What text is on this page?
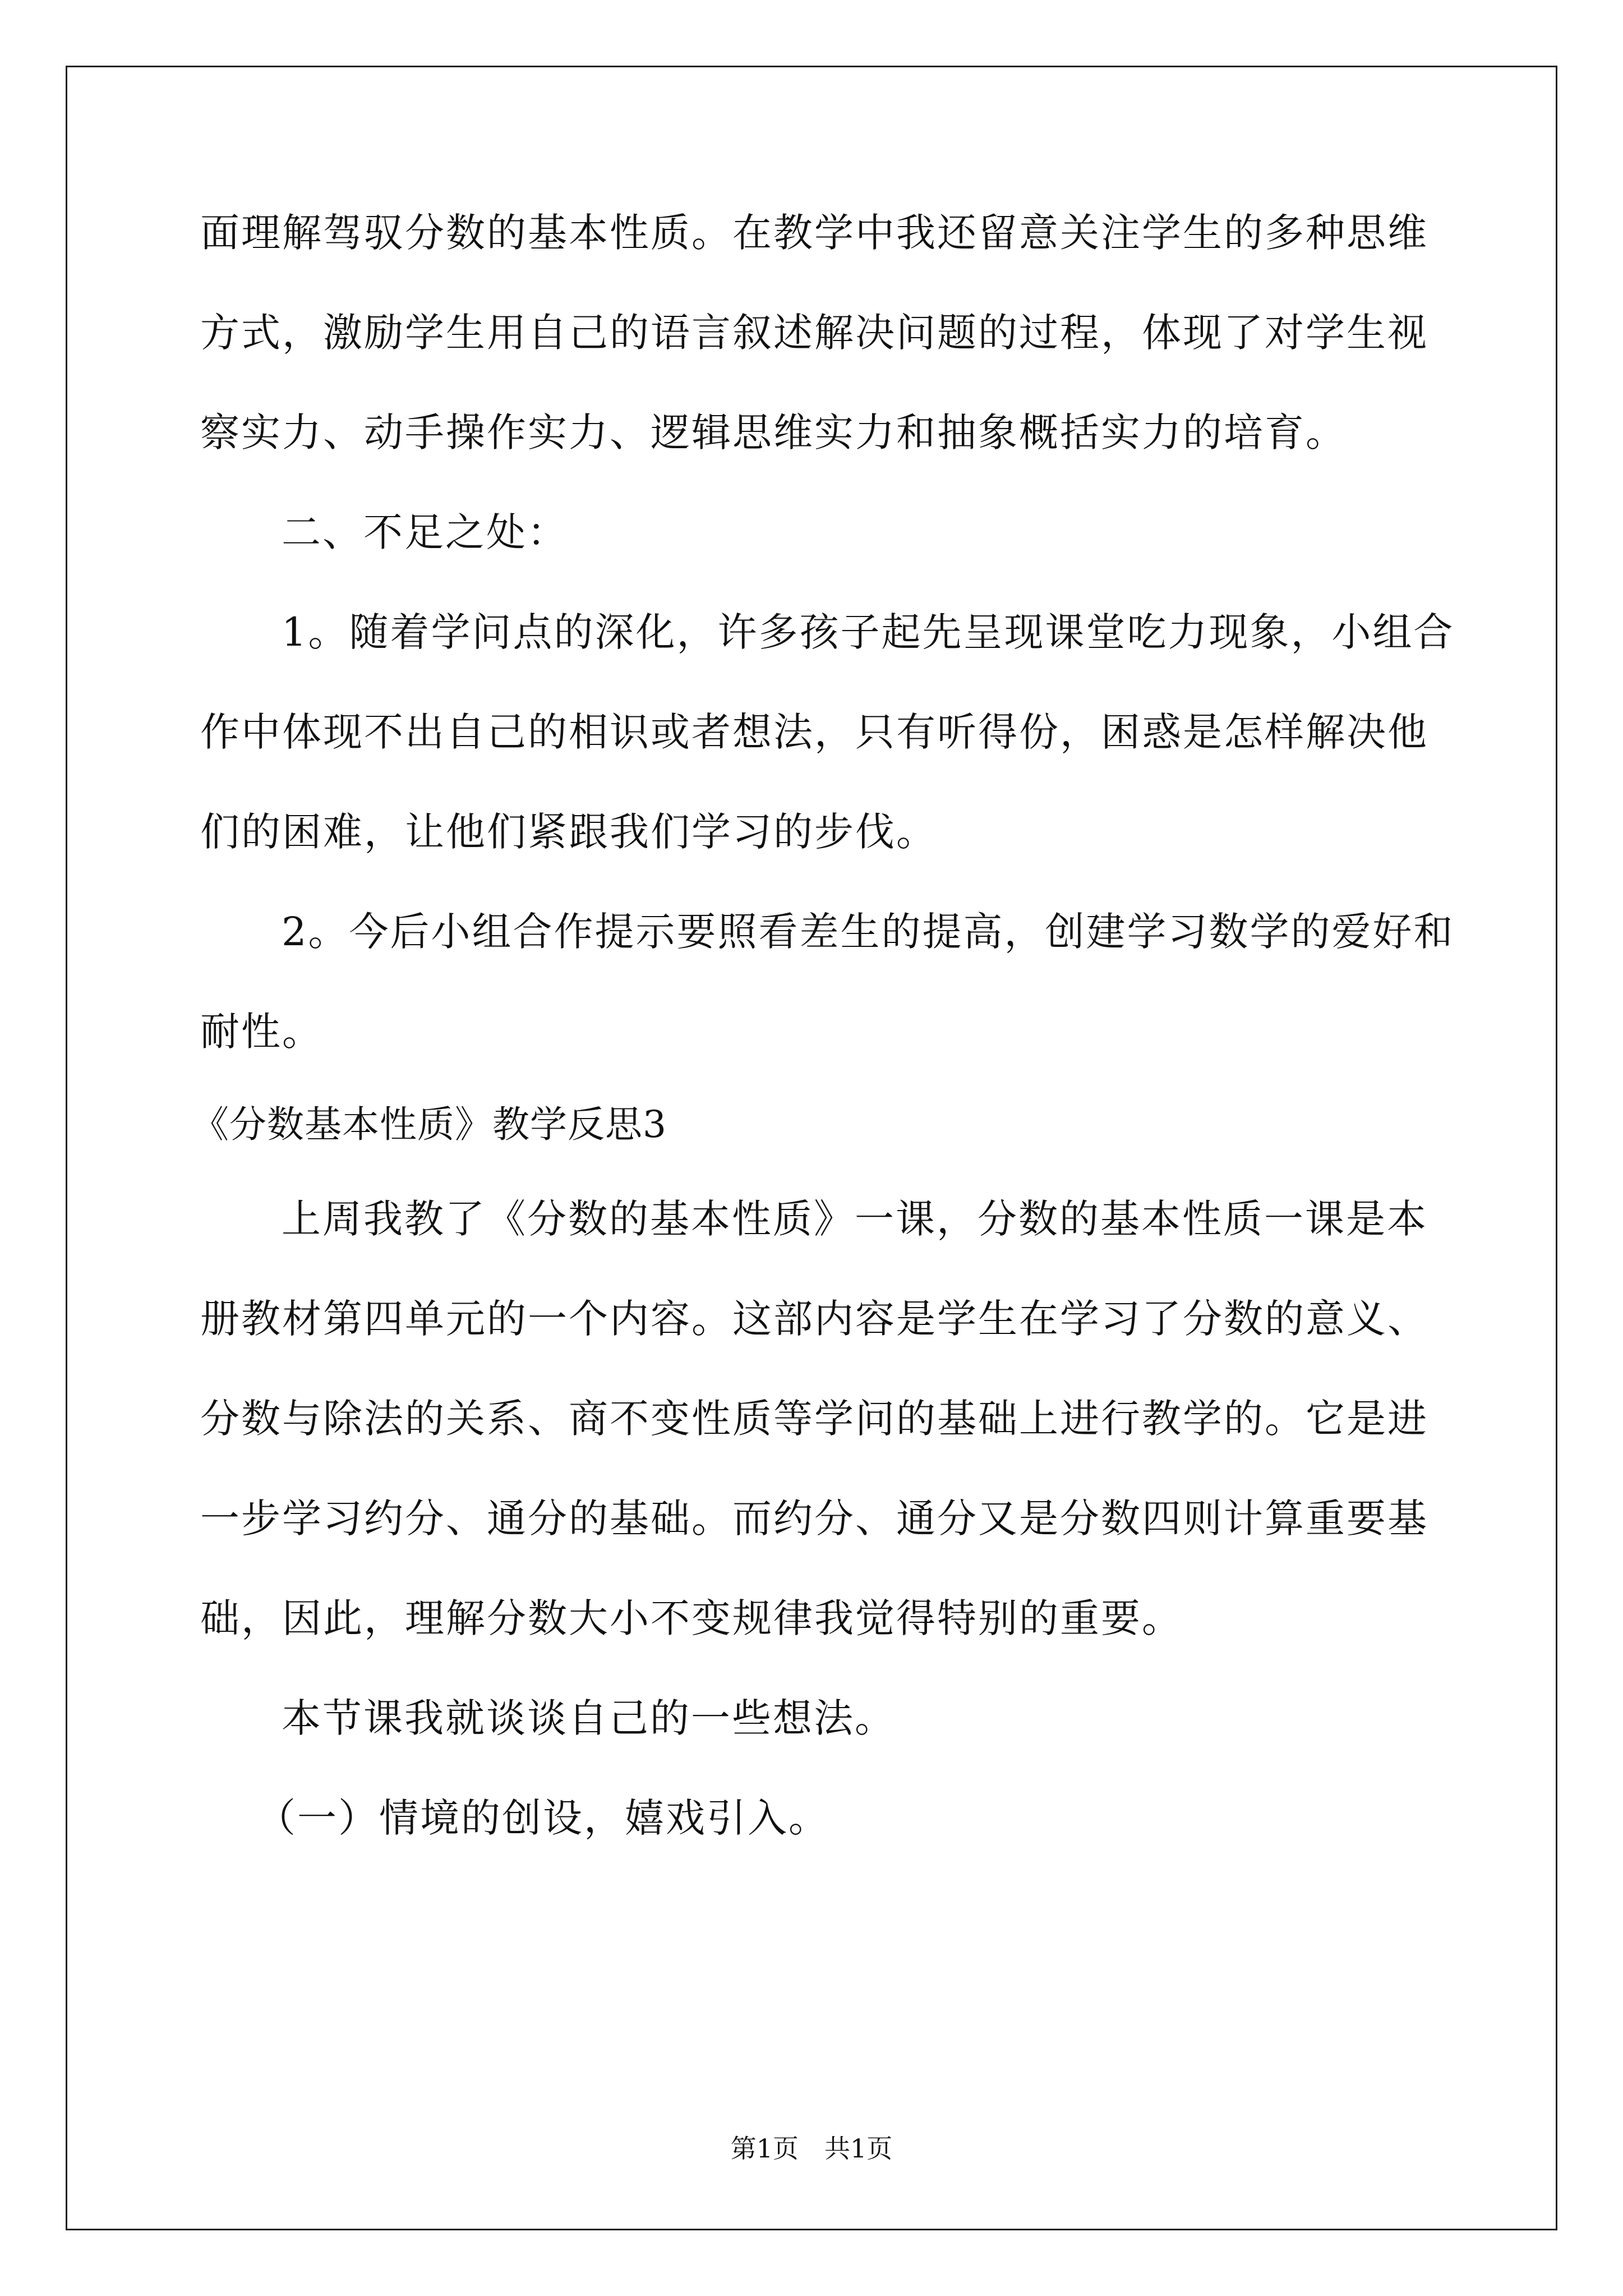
面理解驾驭分数的基本性质。在教学中我还留意关注学生的多种思维

方式，激励学生用自己的语言叙述解决问题的过程，体现了对学生视

察实力、动手操作实力、逻辑思维实力和抽象概括实力的培育。

二、不足之处：

1。随着学问点的深化，许多孩子起先呈现课堂吃力现象，小组合

作中体现不出自己的相识或者想法，只有听得份，困惑是怎样解决他

们的困难，让他们紧跟我们学习的步伐。

2。今后小组合作提示要照看差生的提高，创建学习数学的爱好和

耐性。

《分数基本性质》教学反思3

上周我教了《分数的基本性质》一课，分数的基本性质一课是本

册教材第四单元的一个内容。这部内容是学生在学习了分数的意义、

分数与除法的关系、商不变性质等学问的基础上进行教学的。它是进

一步学习约分、通分的基础。而约分、通分又是分数四则计算重要基

础，因此，理解分数大小不变规律我觉得特别的重要。

本节课我就谈谈自己的一些想法。

（一）情境的创设，嬉戏引入。

第1页　共1页
